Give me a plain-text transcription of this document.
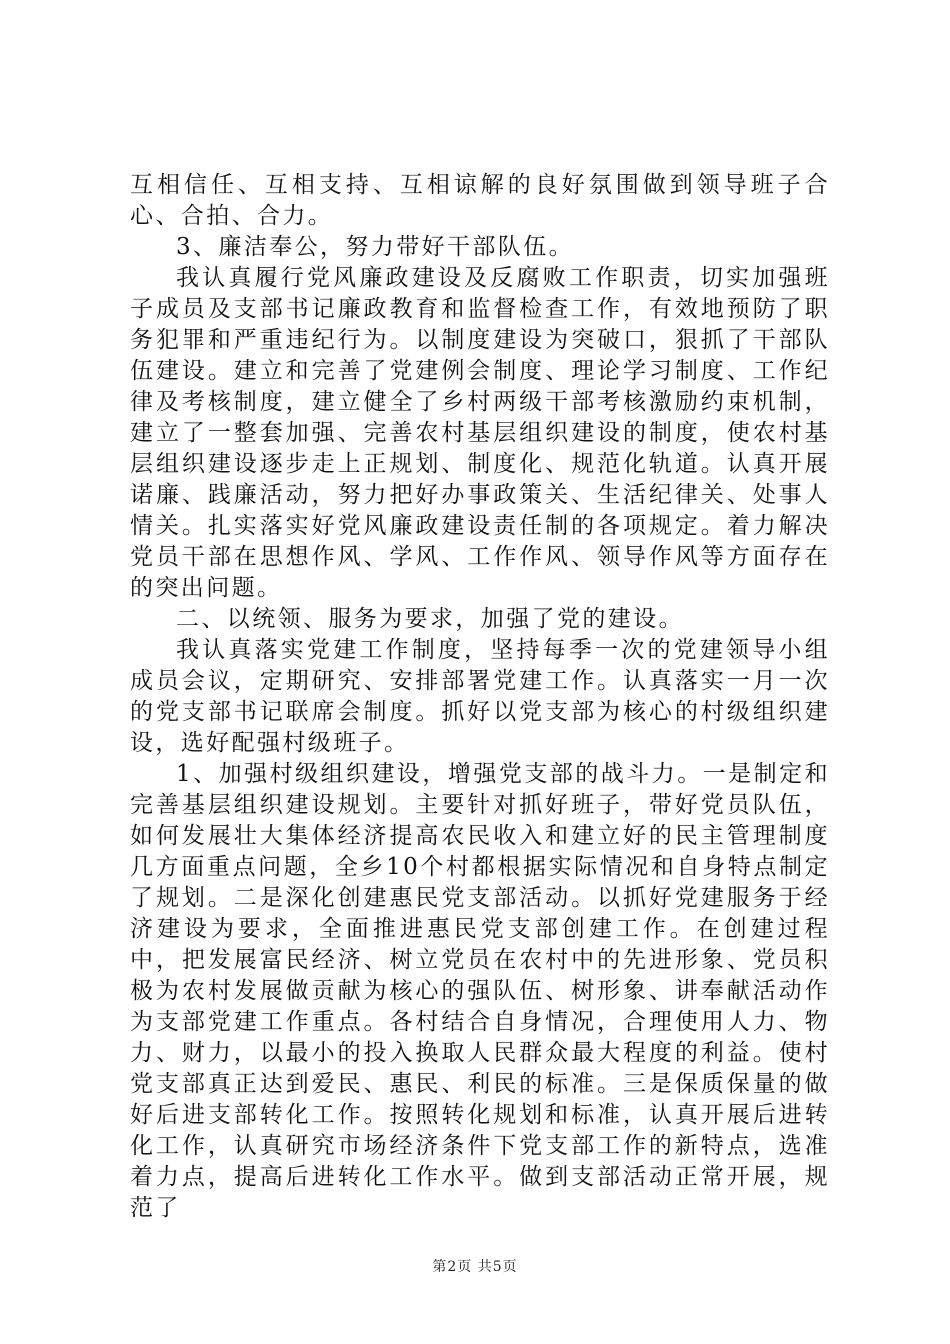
互相信任、互相支持、互相谅解的良好氛围做到领导班子合心、合拍、合力。

3、廉洁奉公，努力带好干部队伍。

我认真履行党风廉政建设及反腐败工作职责，切实加强班子成员及支部书记廉政教育和监督检查工作，有效地预防了职务犯罪和严重违纪行为。以制度建设为突破口，狠抓了干部队伍建设。建立和完善了党建例会制度、理论学习制度、工作纪律及考核制度，建立健全了乡村两级干部考核激励约束机制，建立了一整套加强、完善农村基层组织建设的制度，使农村基层组织建设逐步走上正规划、制度化、规范化轨道。认真开展诺廉、践廉活动，努力把好办事政策关、生活纪律关、处事人情关。扎实落实好党风廉政建设责任制的各项规定。着力解决党员干部在思想作风、学风、工作作风、领导作风等方面存在的突出问题。

二、以统领、服务为要求，加强了党的建设。

我认真落实党建工作制度，坚持每季一次的党建领导小组成员会议，定期研究、安排部署党建工作。认真落实一月一次的党支部书记联席会制度。抓好以党支部为核心的村级组织建设，选好配强村级班子。

1、加强村级组织建设，增强党支部的战斗力。一是制定和完善基层组织建设规划。主要针对抓好班子，带好党员队伍，如何发展壮大集体经济提高农民收入和建立好的民主管理制度几方面重点问题，全乡10个村都根据实际情况和自身特点制定了规划。二是深化创建惠民党支部活动。以抓好党建服务于经济建设为要求，全面推进惠民党支部创建工作。在创建过程中，把发展富民经济、树立党员在农村中的先进形象、党员积极为农村发展做贡献为核心的强队伍、树形象、讲奉献活动作为支部党建工作重点。各村结合自身情况，合理使用人力、物力、财力，以最小的投入换取人民群众最大程度的利益。使村党支部真正达到爱民、惠民、利民的标准。三是保质保量的做好后进支部转化工作。按照转化规划和标准，认真开展后进转化工作，认真研究市场经济条件下党支部工作的新特点，选准着力点，提高后进转化工作水平。做到支部活动正常开展，规范了

第2页 共5页
